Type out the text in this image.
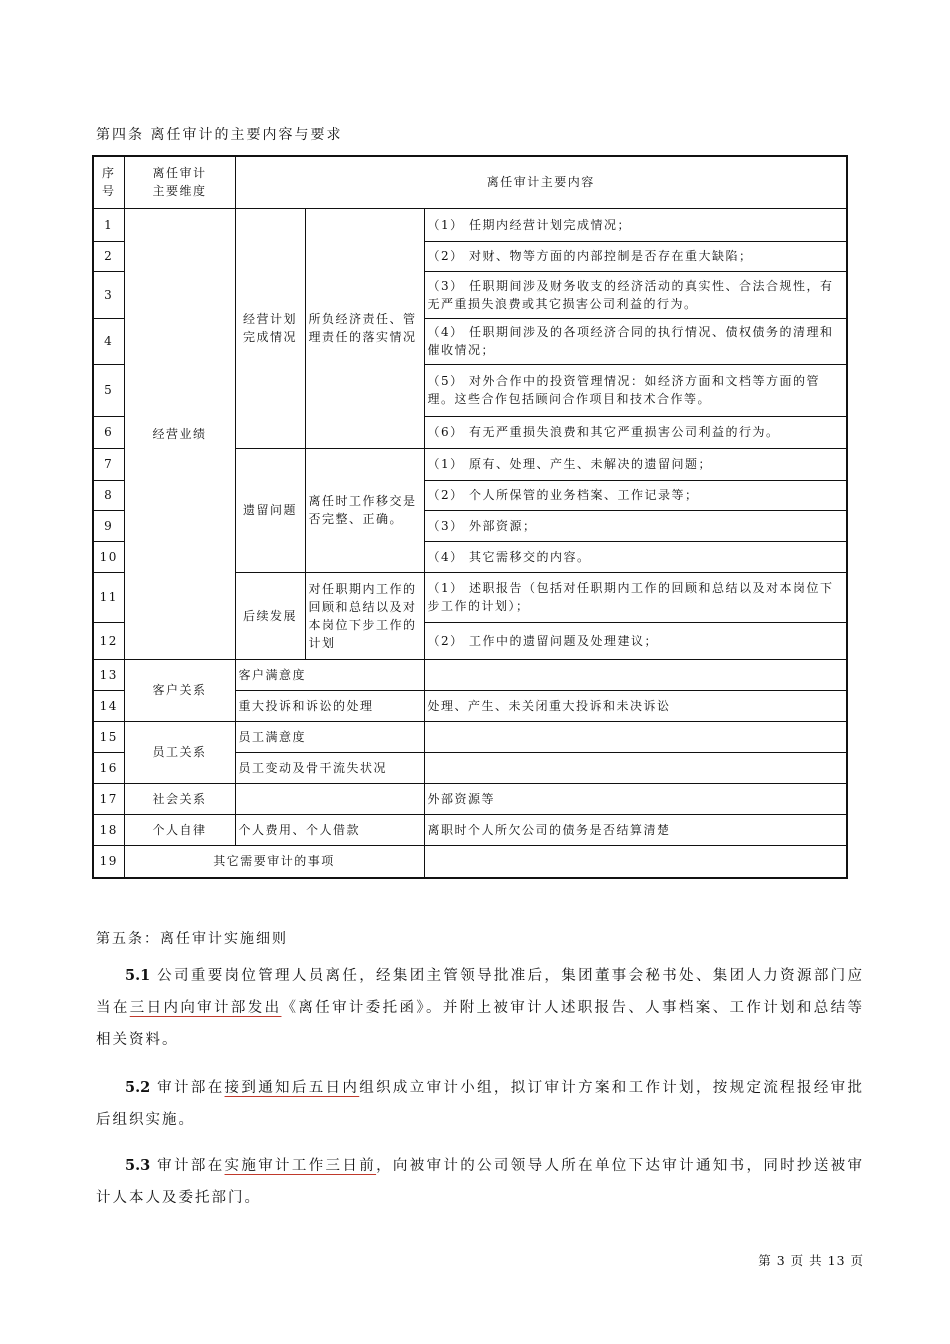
第四条 离任审计的主要内容与要求
序号	离任审计主要维度	离任审计主要内容		
1	经营业绩	经营计划完成情况	所负经济责任、管理责任的落实情况	（1） 任期内经营计划完成情况；
2				（2） 对财、物等方面的内部控制是否存在重大缺陷；
3				（3） 任职期间涉及财务收支的经济活动的真实性、合法合规性，有无严重损失浪费或其它损害公司利益的行为。
4				（4） 任职期间涉及的各项经济合同的执行情况、债权债务的清理和催收情况；
5				（5） 对外合作中的投资管理情况：如经济方面和文档等方面的管理。这些合作包括顾问合作项目和技术合作等。
6				（6） 有无严重损失浪费和其它严重损害公司利益的行为。
7		遗留问题	离任时工作移交是否完整、正确。	（1） 原有、处理、产生、未解决的遗留问题；
8				（2） 个人所保管的业务档案、工作记录等；
9				（3） 外部资源；
10				（4） 其它需移交的内容。
11		后续发展	对任职期内工作的回顾和总结以及对本岗位下步工作的计划	（1） 述职报告（包括对任职期内工作的回顾和总结以及对本岗位下步工作的计划）；
12				（2） 工作中的遗留问题及处理建议；
13	客户关系	客户满意度		
14		重大投诉和诉讼的处理		处理、产生、未关闭重大投诉和未决诉讼
15	员工关系	员工满意度		
16		员工变动及骨干流失状况		
17	社会关系			外部资源等
18	个人自律	个人费用、个人借款		离职时个人所欠公司的债务是否结算清楚
19	其它需要审计的事项			
第五条：离任审计实施细则
5.1 公司重要岗位管理人员离任，经集团主管领导批准后，集团董事会秘书处、集团人力资源部门应当在三日内向审计部发出《离任审计委托函》。并附上被审计人述职报告、人事档案、工作计划和总结等相关资料。
5.2 审计部在接到通知后五日内组织成立审计小组，拟订审计方案和工作计划，按规定流程报经审批后组织实施。
5.3 审计部在实施审计工作三日前，向被审计的公司领导人所在单位下达审计通知书，同时抄送被审计人本人及委托部门。
第 3 页 共 13 页
